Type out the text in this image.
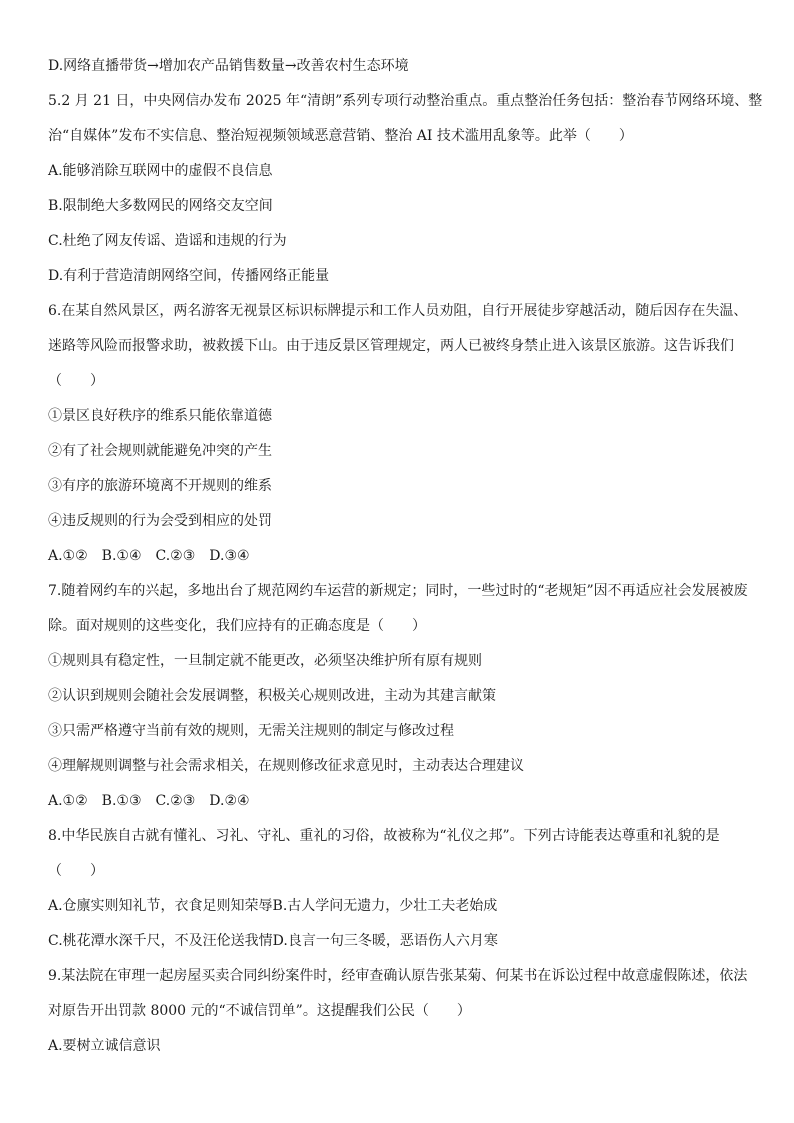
D.网络直播带货→增加农产品销售数量→改善农村生态环境
5.2 月 21 日，中央网信办发布 2025 年“清朗”系列专项行动整治重点。重点整治任务包括：整治春节网络环境、整
治“自媒体”发布不实信息、整治短视频领域恶意营销、整治 AI 技术滥用乱象等。此举（　　）
A.能够消除互联网中的虚假不良信息
B.限制绝大多数网民的网络交友空间
C.杜绝了网友传谣、造谣和违规的行为
D.有利于营造清朗网络空间，传播网络正能量
6.在某自然风景区，两名游客无视景区标识标牌提示和工作人员劝阻，自行开展徒步穿越活动，随后因存在失温、
迷路等风险而报警求助，被救援下山。由于违反景区管理规定，两人已被终身禁止进入该景区旅游。这告诉我们
（　　）
①景区良好秩序的维系只能依靠道德
②有了社会规则就能避免冲突的产生
③有序的旅游环境离不开规则的维系
④违反规则的行为会受到相应的处罚
A.①②　B.①④　C.②③　D.③④
7.随着网约车的兴起，多地出台了规范网约车运营的新规定；同时，一些过时的“老规矩”因不再适应社会发展被废
除。面对规则的这些变化，我们应持有的正确态度是（　　）
①规则具有稳定性，一旦制定就不能更改，必须坚决维护所有原有规则
②认识到规则会随社会发展调整，积极关心规则改进，主动为其建言献策
③只需严格遵守当前有效的规则，无需关注规则的制定与修改过程
④理解规则调整与社会需求相关，在规则修改征求意见时，主动表达合理建议
A.①②　B.①③　C.②③　D.②④
8.中华民族自古就有懂礼、习礼、守礼、重礼的习俗，故被称为“礼仪之邦”。下列古诗能表达尊重和礼貌的是
（　　）
A.仓廪实则知礼节，衣食足则知荣辱B.古人学问无遗力，少壮工夫老始成
C.桃花潭水深千尺，不及汪伦送我情D.良言一句三冬暖，恶语伤人六月寒
9.某法院在审理一起房屋买卖合同纠纷案件时，经审查确认原告张某菊、何某书在诉讼过程中故意虚假陈述，依法
对原告开出罚款 8000 元的“不诚信罚单”。这提醒我们公民（　　）
A.要树立诚信意识
